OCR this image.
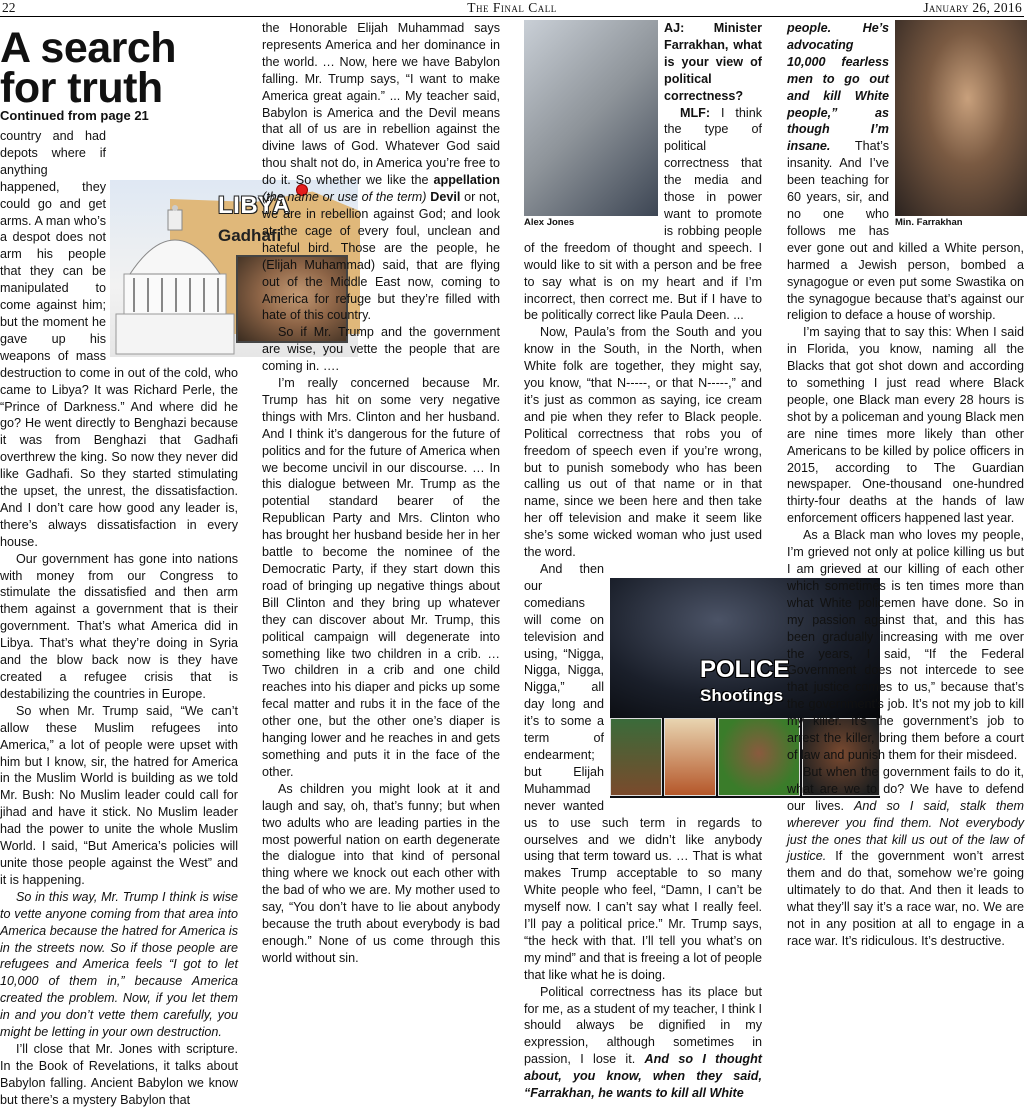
22	The Final Call	January 26, 2016
A search
for truth
Continued from page 21
LIBYA
Gadhafi

country and had depots where if anything happened, they could go and get arms. A man who’s a despot does not arm his people that they can be manipulated to come against him; but the moment he gave up his weapons of mass destruction to come in out of the cold, who came to Libya? It was Richard Perle, the “Prince of Darkness.” And where did he go? He went directly to Benghazi because it was from Benghazi that Gadhafi overthrew the king. So now they never did like Gadhafi. So they started stimulating the upset, the unrest, the dissatisfaction. And I don’t care how good any leader is, there’s always dissatisfaction in every house.

Our government has gone into nations with money from our Congress to stimulate the dissatisfied and then arm them against a government that is their government. That’s what America did in Libya. That’s what they’re doing in Syria and the blow back now is they have created a refugee crisis that is destabilizing the countries in Europe.

So when Mr. Trump said, “We can’t allow these Muslim refugees into America,” a lot of people were upset with him but I know, sir, the hatred for America in the Muslim World is building as we told Mr. Bush: No Muslim leader could call for jihad and have it stick. No Muslim leader had the power to unite the whole Muslim World. I said, “But America’s policies will unite those people against the West” and it is happening.

So in this way, Mr. Trump I think is wise to vette anyone coming from that area into America because the hatred for America is in the streets now. So if those people are refugees and America feels “I got to let 10,000 of them in,” because America created the problem. Now, if you let them in and you don’t vette them carefully, you might be letting in your own destruction.

I’ll close that Mr. Jones with scripture. In the Book of Revelations, it talks about Babylon falling. Ancient Babylon we know but there’s a mystery Babylon that

the Honorable Elijah Muhammad says represents America and her dominance in the world. … Now, here we have Babylon falling. Mr. Trump says, “I want to make America great again.” ... My teacher said, Babylon is America and the Devil means that all of us are in rebellion against the divine laws of God. Whatever God said thou shalt not do, in America you’re free to do it. So whether we like the appellation (the name or use of the term) Devil or not, we are in rebellion against God; and look at the cage of every foul, unclean and hateful bird. Those are the people, he (Elijah Muhammad) said, that are flying out of the Middle East now, coming to America for refuge but they’re filled with hate of this country.

So if Mr. Trump and the government are wise, you vette the people that are coming in. ….

I’m really concerned because Mr. Trump has hit on some very negative things with Mrs. Clinton and her husband. And I think it’s dangerous for the future of politics and for the future of America when we become uncivil in our discourse. … In this dialogue between Mr. Trump as the potential standard bearer of the Republican Party and Mrs. Clinton who has brought her husband beside her in her battle to become the nominee of the Democratic Party, if they start down this road of bringing up negative things about Bill Clinton and they bring up whatever they can discover about Mr. Trump, this political campaign will degenerate into something like two children in a crib. … Two children in a crib and one child reaches into his diaper and picks up some fecal matter and rubs it in the face of the other one, but the other one’s diaper is hanging lower and he reaches in and gets something and puts it in the face of the other.

As children you might look at it and laugh and say, oh, that’s funny; but when two adults who are leading parties in the most powerful nation on earth degenerate the dialogue into that kind of personal thing where we knock out each other with the bad of who we are. My mother used to say, “You don’t have to lie about anybody because the truth about everybody is bad enough.” None of us come through this world without sin.

Alex Jones

AJ: Minister Farrakhan, what is your view of political correctness?

MLF: I think the type of political correctness that the media and those in power want to promote is robbing people of the freedom of thought and speech. I would like to sit with a person and be free to say what is on my heart and if I’m incorrect, then correct me. But if I have to be politically correct like Paula Deen. ...

Now, Paula’s from the South and you know in the South, in the North, when White folk are together, they might say, you know, “that N-----, or that N-----,” and it’s just as common as saying, ice cream and pie when they refer to Black people. Political correctness that robs you of freedom of speech even if you’re wrong, but to punish somebody who has been calling us out of that name or in that name, since we been here and then take her off television and make it seem like she’s some wicked woman who just used the word.

POLICE
Shootings

And then our comedians will come on television and using, “Nigga, Nigga, Nigga, Nigga,” all day long and it’s to some a term of endearment; but Elijah Muhammad never wanted us to use such term in regards to ourselves and we didn’t like anybody using that term toward us. … That is what makes Trump acceptable to so many White people who feel, “Damn, I can’t be myself now. I can’t say what I really feel. I’ll pay a political price.” Mr. Trump says, “the heck with that. I’ll tell you what’s on my mind” and that is freeing a lot of people that like what he is doing.

Political correctness has its place but for me, as a student of my teacher, I think I should always be dignified in my expression, although sometimes in passion, I lose it. And so I thought about, you know, when they said, “Farrakhan, he wants to kill all White

Min. Farrakhan

people. He’s advocating 10,000 fearless men to go out and kill White people,” as though	I’m insane. That’s insanity. And I’ve been teaching for 60 years, sir, and no one who follows me has ever gone out and killed a White person, harmed a Jewish person, bombed a synagogue or even put some Swastika on the synagogue because that’s against our religion to deface a house of worship.

I’m saying that to say this: When I said in Florida, you know, naming all the Blacks that got shot down and according to something I just read where Black people, one Black man every 28 hours is shot by a policeman and young Black men are nine times more likely than other Americans to be killed by police officers in 2015, according to The Guardian newspaper. One-thousand one-hundred thirty-four deaths at the hands of law enforcement officers happened last year.

As a Black man who loves my people, I’m grieved not only at police killing us but I am grieved at our killing of each other which sometimes is ten times more than what White policemen have done. So in my passion against that, and this has been gradually increasing with me over the years, I said, “If the Federal Government does not intercede to see that justice comes to us,” because that’s the government’s job. It’s not my job to kill my killer. It’s the government’s job to arrest the killer, bring them before a court of law and punish them for their misdeed.

But when the government fails to do it, what are we to do? We have to defend our lives. And so I said, stalk them wherever you find them. Not everybody just the ones that kill us out of the law of justice. If the government won’t arrest them and do that, somehow we’re going ultimately to do that. And then it leads to what they’ll say it’s a race war, no. We are not in any position at all to engage in a race war. It’s ridiculous. It’s destructive.
